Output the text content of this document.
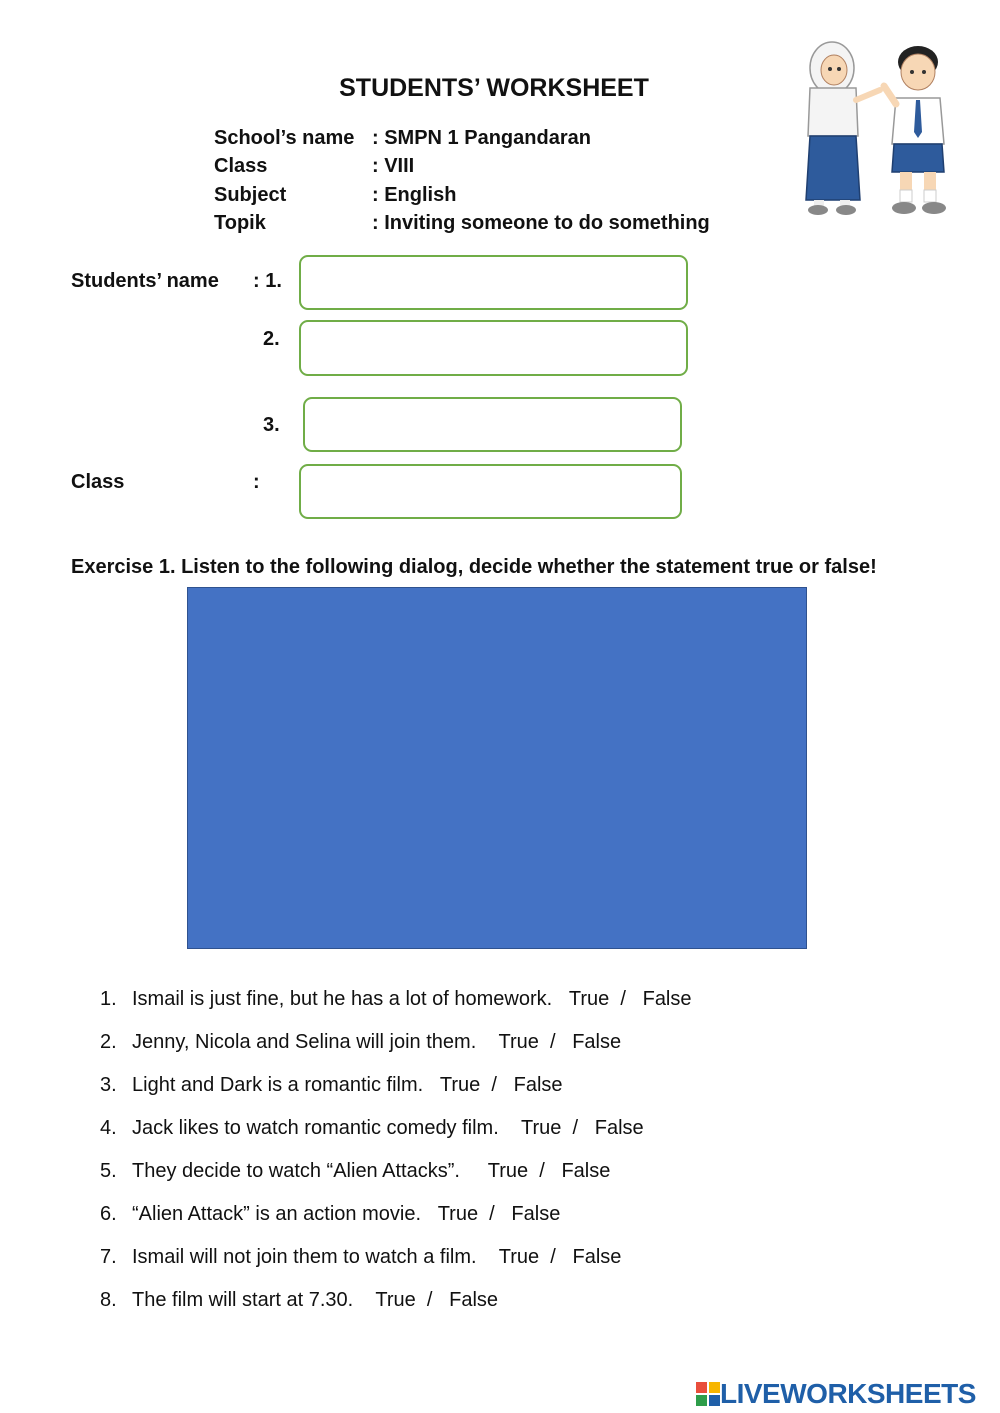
STUDENTS’ WORKSHEET
School’s name : SMPN 1 Pangandaran
Class	: VIII
Subject	: English
Topik	: Inviting someone to do something
Students’ name : 1.
2.
3.
Class	:
Exercise 1. Listen to the following dialog, decide whether the statement true or false!
1. Ismail is just fine, but he has a lot of homework. True  /   False
2. Jenny, Nicola and Selina will join them. True  /   False
3. Light and Dark is a romantic film. True  /   False
4. Jack likes to watch romantic comedy film. True  /   False
5. They decide to watch “Alien Attacks”. True  /   False
6. “Alien Attack” is an action movie. True  /   False
7. Ismail will not join them to watch a film. True  /   False
8. The film will start at 7.30. True  /   False
LIVEWORKSHEETS
